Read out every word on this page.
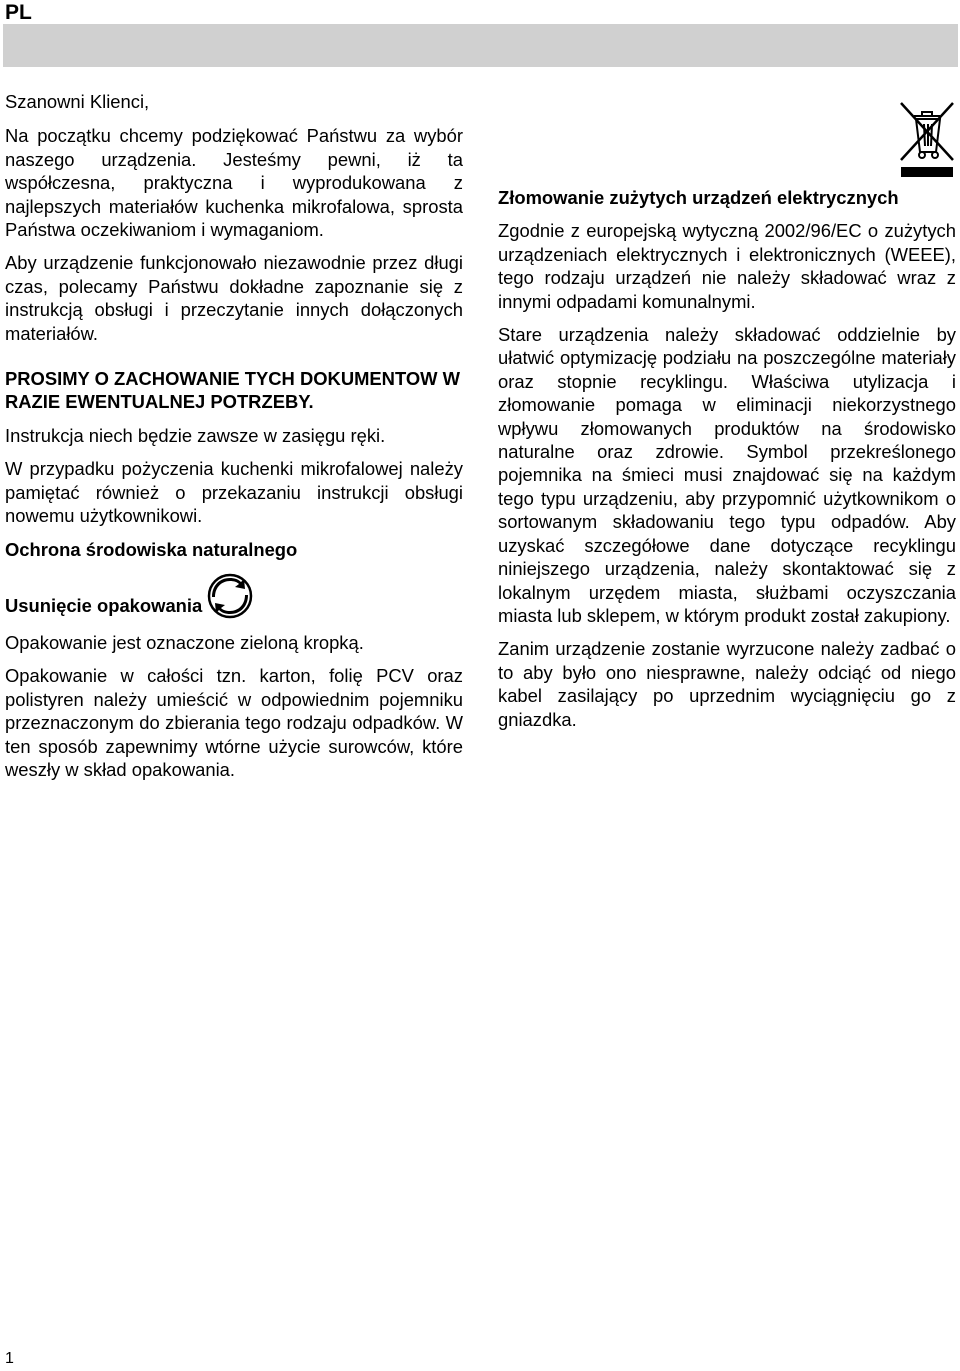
PL

Szanowni Klienci,

Na początku chcemy podziękować Państwu za wybór naszego urządzenia. Jesteśmy pewni, iż ta współczesna, praktyczna i wyprodukowana z najlepszych materiałów kuchenka mikrofalowa, sprosta Państwa oczekiwaniom i wymaganiom.

Aby urządzenie funkcjonowało niezawodnie przez długi czas, polecamy Państwu dokładne zapoznanie się z instrukcją obsługi i przeczytanie innych dołączonych materiałów.

PROSIMY O ZACHOWANIE TYCH DOKUMENTOW W RAZIE EWENTUALNEJ POTRZEBY.

Instrukcja niech będzie zawsze w zasięgu ręki.

W przypadku pożyczenia kuchenki mikrofalowej należy pamiętać również o przekazaniu instrukcji obsługi nowemu użytkownikowi.

Ochrona środowiska naturalnego

Usunięcie opakowania

Opakowanie jest oznaczone zieloną kropką.

Opakowanie w całości tzn. karton, folię PCV oraz polistyren należy umieścić w odpowiednim pojemniku przeznaczonym do zbierania tego rodzaju odpadków. W ten sposób zapewnimy wtórne użycie surowców, które weszły w skład opakowania.

Złomowanie zużytych urządzeń elektrycznych

Zgodnie z europejską wytyczną 2002/96/EC o zużytych urządzeniach elektrycznych i elektronicznych (WEEE), tego rodzaju urządzeń nie należy składować wraz z innymi odpadami komunalnymi.

Stare urządzenia należy składować oddzielnie by ułatwić optymizację podziału na poszczególne materiały oraz stopnie recyklingu. Właściwa utylizacja i złomowanie pomaga w eliminacji niekorzystnego wpływu złomowanych produktów na środowisko naturalne oraz zdrowie. Symbol przekreślonego pojemnika na śmieci musi znajdować się na każdym tego typu urządzeniu, aby przypomnić użytkownikom o sortowanym składowaniu tego typu odpadów. Aby uzyskać szczegółowe dane dotyczące recyklingu niniejszego urządzenia, należy skontaktować się z lokalnym urzędem miasta, służbami oczyszczania miasta lub sklepem, w którym produkt został zakupiony.

Zanim urządzenie zostanie wyrzucone należy zadbać o to aby było ono niesprawne, należy odciąć od niego kabel zasilający po uprzednim wyciągnięciu go z gniazdka.

1
